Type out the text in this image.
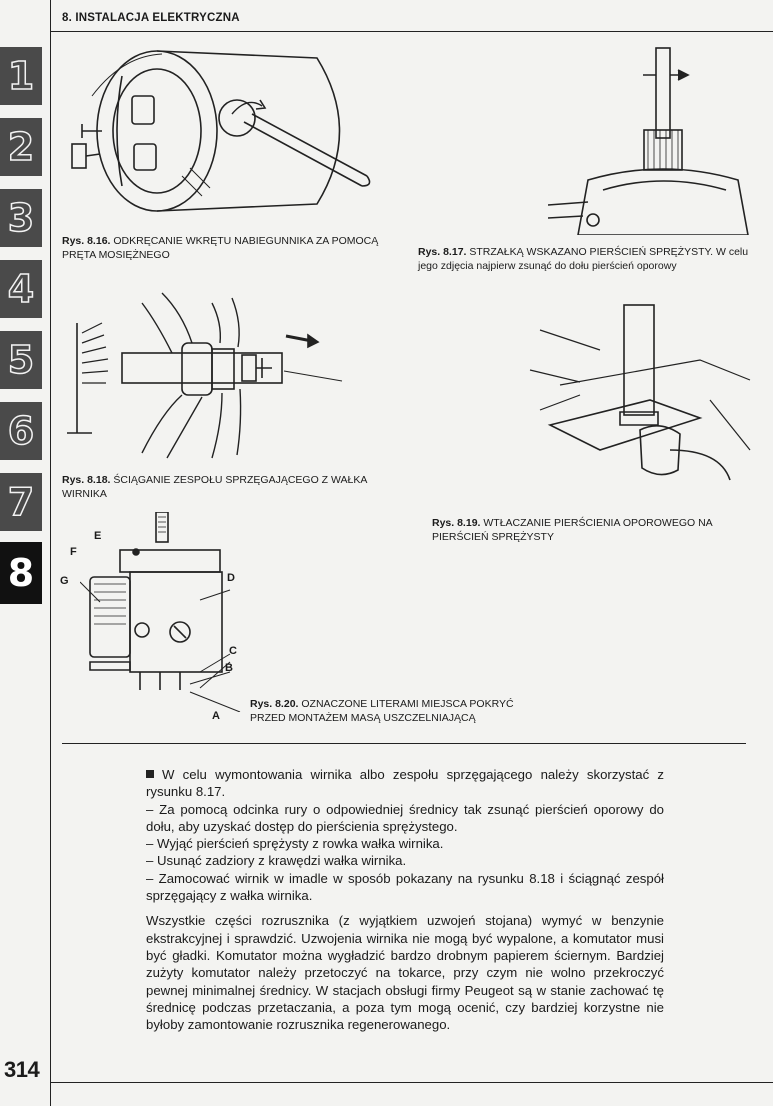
8. INSTALACJA ELEKTRYCZNA
1
2
3
4
5
6
7
8
Rys. 8.16. ODKRĘCANIE WKRĘTU NABIEGUNNIKA ZA POMOCĄ PRĘTA MOSIĘŻNEGO	Rys. 8.17. STRZAŁKĄ WSKAZANO PIERŚCIEŃ SPRĘŻYSTY. W celu jego zdjęcia najpierw zsunąć do dołu pierścień oporowy
Rys. 8.18. ŚCIĄGANIE ZESPOŁU SPRZĘGAJĄCEGO Z WAŁKA WIRNIKA
Rys. 8.19. WTŁACZANIE PIERŚCIENIA OPOROWEGO NA PIERŚCIEŃ SPRĘŻYSTY
E
F
G	D
C
B
A
Rys. 8.20. OZNACZONE LITERAMI MIEJSCA POKRYĆ PRZED MONTAŻEM MASĄ USZCZELNIAJĄCĄ

W celu wymontowania wirnika albo zespołu sprzęgającego należy skorzystać z rysunku 8.17.

– Za pomocą odcinka rury o odpowiedniej średnicy tak zsunąć pierścień oporowy do dołu, aby uzyskać dostęp do pierścienia sprężystego.

– Wyjąć pierścień sprężysty z rowka wałka wirnika.

– Usunąć zadziory z krawędzi wałka wirnika.

– Zamocować wirnik w imadle w sposób pokazany na rysunku 8.18 i ściągnąć zespół sprzęgający z wałka wirnika.

Wszystkie części rozrusznika (z wyjątkiem uzwojeń stojana) wymyć w benzynie ekstrakcyjnej i sprawdzić. Uzwojenia wirnika nie mogą być wypalone, a komutator musi być gładki. Komutator można wygładzić bardzo drobnym papierem ściernym. Bardziej zużyty komutator należy przetoczyć na tokarce, przy czym nie wolno przekroczyć pewnej minimalnej średnicy. W stacjach obsługi firmy Peugeot są w stanie zachować tę średnicę podczas przetaczania, a poza tym mogą ocenić, czy bardziej korzystne nie byłoby zamontowanie rozrusznika regenerowanego.

314
